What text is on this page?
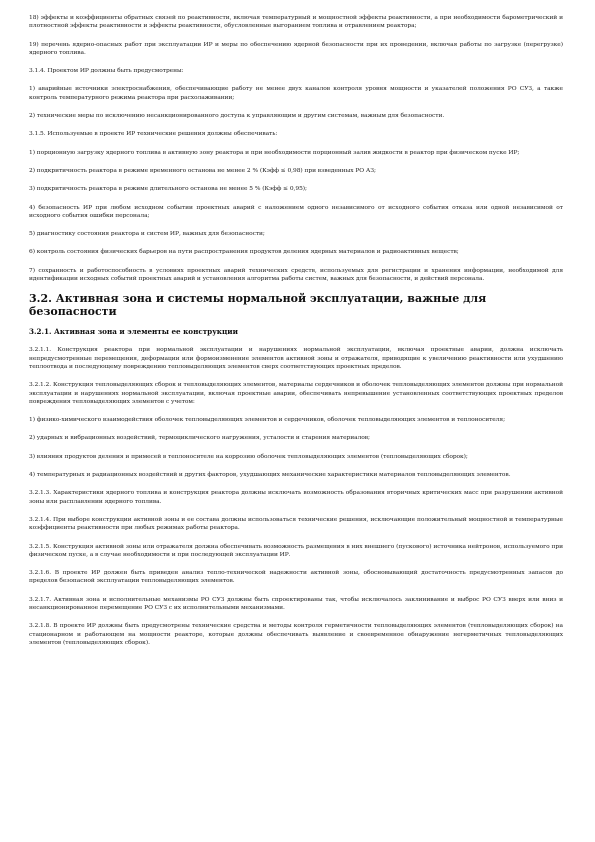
18) эффекты и коэффициенты обратных связей по реактивности, включая температурный и мощностной эффекты реактивности, а при необходимости барометрический и плотностной эффекты реактивности и эффекты реактивности, обусловленные выгоранием топлива и отравлением реактора;

19) перечень ядерно-опасных работ при эксплуатации ИР и меры по обеспечению ядерной безопасности при их проведении, включая работы по загрузке (перегрузке) ядерного топлива.

3.1.4. Проектом ИР должны быть предусмотрены:

1) аварийные источники электроснабжения, обеспечивающие работу не менее двух каналов контроля уровня мощности и указателей положения РО СУЗ, а также контроль температурного режима реактора при расхолаживании;

2) технические меры по исключению несанкционированного доступа к управляющим и другим системам, важным для безопасности.

3.1.5. Используемые в проекте ИР технические решения должны обеспечивать:

1) порционную загрузку ядерного топлива в активную зону реактора и при необходимости порционный залив жидкости в реактор при физическом пуске ИР;

2) подкритичность реактора в режиме временного останова не менее 2 % (Кэфф ≤ 0,98) при взведенных РО АЗ;

3) подкритичность реактора в режиме длительного останова не менее 5 % (Кэфф ≤ 0,95);

4) безопасность ИР при любом исходном событии проектных аварий с наложением одного независимого от исходного события отказа или одной независимой от исходного события ошибки персонала;

5) диагностику состояния реактора и систем ИР, важных для безопасности;

6) контроль состояния физических барьеров на пути распространения продуктов деления ядерных материалов и радиоактивных веществ;

7) сохранность и работоспособность в условиях проектных аварий технических средств, используемых для регистрации и хранения информации, необходимой для идентификации исходных событий проектных аварий и установления алгоритма работы систем, важных для безопасности, и действий персонала.

3.2. Активная зона и системы нормальной эксплуатации, важные для безопасности
3.2.1. Активная зона и элементы ее конструкции

3.2.1.1. Конструкция реактора при нормальной эксплуатации и нарушениях нормальной эксплуатации, включая проектные аварии, должна исключать непредусмотренные перемещения, деформации или формоизменение элементов активной зоны и отражателя, приводящие к увеличению реактивности или ухудшению теплоотвода и последующему повреждению тепловыделяющих элементов сверх соответствующих проектных пределов.

3.2.1.2. Конструкция тепловыделяющих сборок и тепловыделяющих элементов, материалы сердечников и оболочек тепловыделяющих элементов должны при нормальной эксплуатации и нарушениях нормальной эксплуатации, включая проектные аварии, обеспечивать непревышение установленных соответствующих проектных пределов повреждения тепловыделяющих элементов с учетом:

1) физико-химического взаимодействия оболочек тепловыделяющих элементов и сердечников, оболочек тепловыделяющих элементов и теплоносителя;

2) ударных и вибрационных воздействий, термоциклического нагружения, усталости и старения материалов;

3) влияния продуктов деления и примесей в теплоносителе на коррозию оболочек тепловыделяющих элементов (тепловыделяющих сборок);

4) температурных и радиационных воздействий и других факторов, ухудшающих механические характеристики материалов тепловыделяющих элементов.

3.2.1.3. Характеристики ядерного топлива и конструкция реактора должны исключать возможность образования вторичных критических масс при разрушении активной зоны или расплавлении ядерного топлива.

3.2.1.4. При выборе конструкции активной зоны и ее состава должны использоваться технические решения, исключающие положительный мощностной и температурные коэффициенты реактивности при любых режимах работы реактора.

3.2.1.5. Конструкция активной зоны или отражателя должна обеспечивать возможность размещения в них внешнего (пускового) источника нейтронов, используемого при физическом пуске, а в случае необходимости и при последующей эксплуатации ИР.

3.2.1.6. В проекте ИР должен быть приведен анализ тепло-технической надежности активной зоны, обосновывающий достаточность предусмотренных запасов до пределов безопасной эксплуатации тепловыделяющих элементов.

3.2.1.7. Активная зона и исполнительные механизмы РО СУЗ должны быть спроектированы так, чтобы исключалось заклинивание и выброс РО СУЗ вверх или вниз и несанкционированное перемещение РО СУЗ с их исполнительными механизмами.

3.2.1.8. В проекте ИР должны быть предусмотрены технические средства и методы контроля герметичности тепловыделяющих элементов (тепловыделяющих сборок) на стационарном и работающем на мощности реакторе, которые должны обеспечивать выявление и своевременное обнаружение негерметичных тепловыделяющих элементов (тепловыделяющих сборок).
